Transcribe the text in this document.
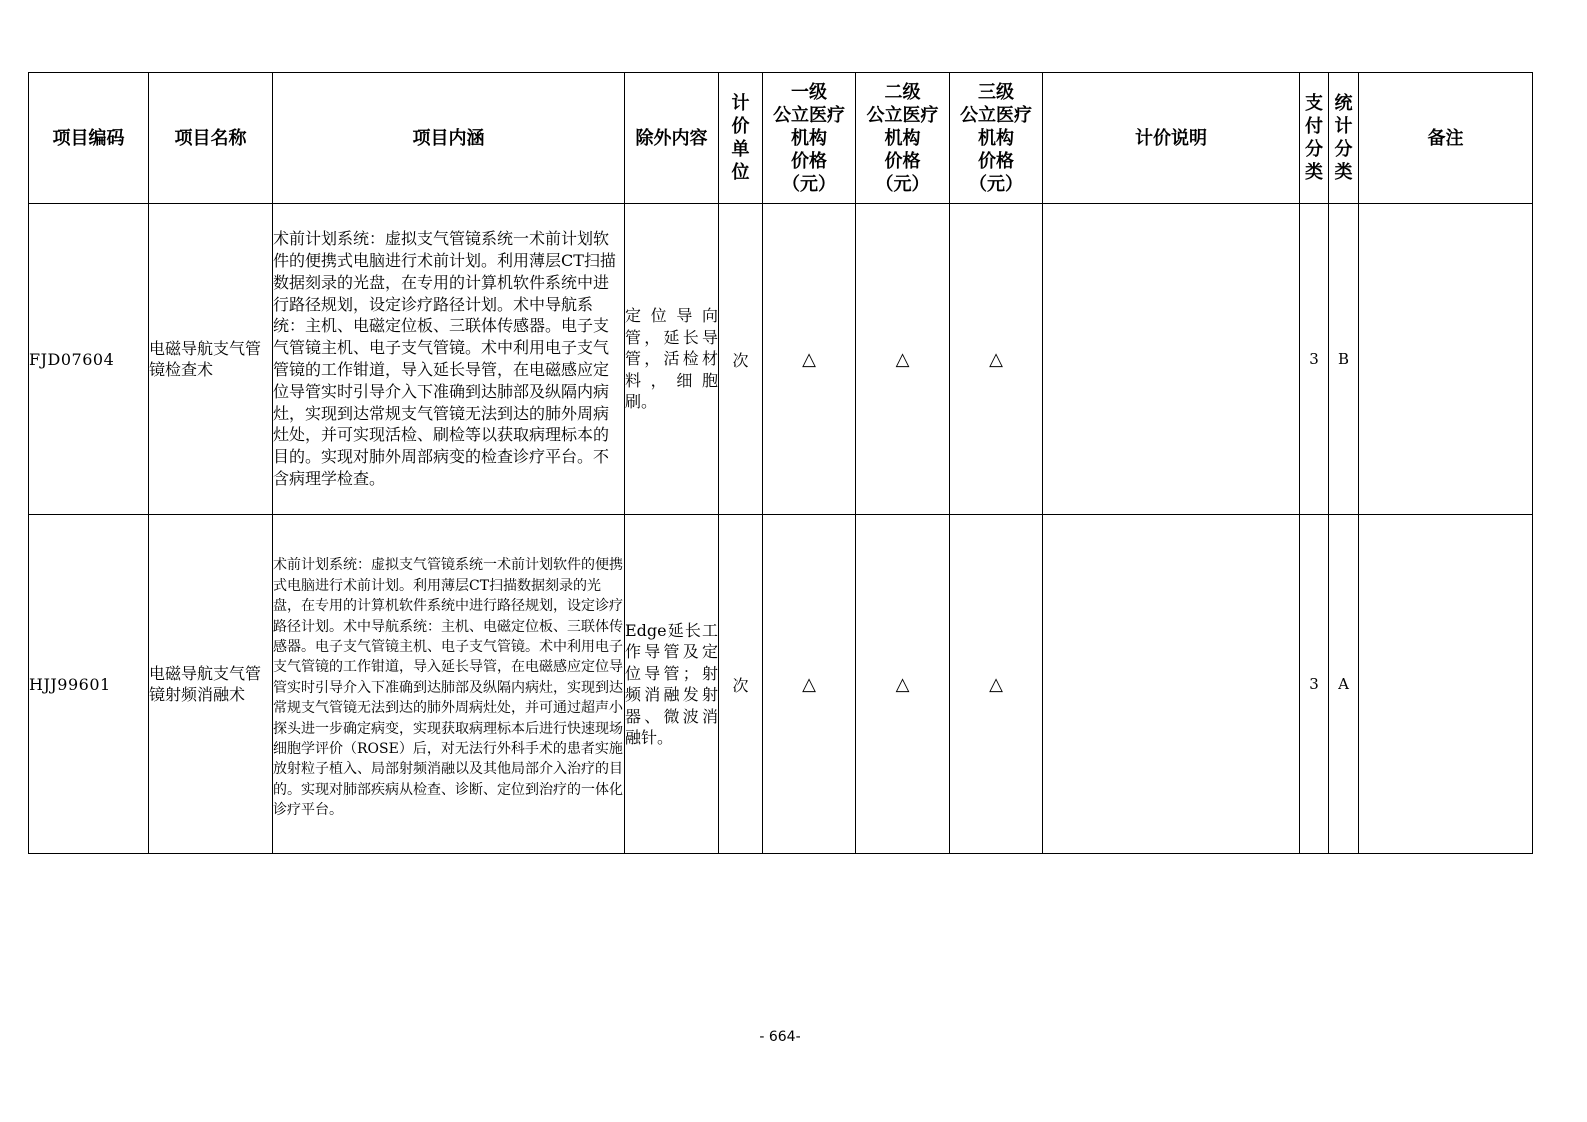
项目编码	项目名称	项目内涵	除外内容	计
价
单
位	一级
公立医疗
机构
价格
（元）	二级
公立医疗
机构
价格
（元）	三级
公立医疗
机构
价格
（元）	计价说明	支
付
分
类	统
计
分
类	备注

FJD07604	电磁导航支气管镜检查术	术前计划系统：虚拟支气管镜系统一术前计划软件的便携式电脑进行术前计划。利用薄层CT扫描数据刻录的光盘，在专用的计算机软件系统中进行路径规划，设定诊疗路径计划。术中导航系统：主机、电磁定位板、三联体传感器。电子支气管镜主机、电子支气管镜。术中利用电子支气管镜的工作钳道，导入延长导管，在电磁感应定位导管实时引导介入下准确到达肺部及纵隔内病灶，实现到达常规支气管镜无法到达的肺外周病灶处，并可实现活检、刷检等以获取病理标本的目的。实现对肺外周部病变的检查诊疗平台。不含病理学检查。	定位导向管，延长导管，活检材料，细胞刷。	次	△	△	△		3	B	
HJJ99601	电磁导航支气管镜射频消融术	术前计划系统：虚拟支气管镜系统一术前计划软件的便携式电脑进行术前计划。利用薄层CT扫描数据刻录的光盘，在专用的计算机软件系统中进行路径规划，设定诊疗路径计划。术中导航系统：主机、电磁定位板、三联体传感器。电子支气管镜主机、电子支气管镜。术中利用电子支气管镜的工作钳道，导入延长导管，在电磁感应定位导管实时引导介入下准确到达肺部及纵隔内病灶，实现到达常规支气管镜无法到达的肺外周病灶处，并可通过超声小探头进一步确定病变，实现获取病理标本后进行快速现场细胞学评价（ROSE）后，对无法行外科手术的患者实施放射粒子植入、局部射频消融以及其他局部介入治疗的目的。实现对肺部疾病从检查、诊断、定位到治疗的一体化诊疗平台。	Edge延长工作导管及定位导管；射频消融发射器、微波消融针。	次	△	△	△		3	A	
- 664-
